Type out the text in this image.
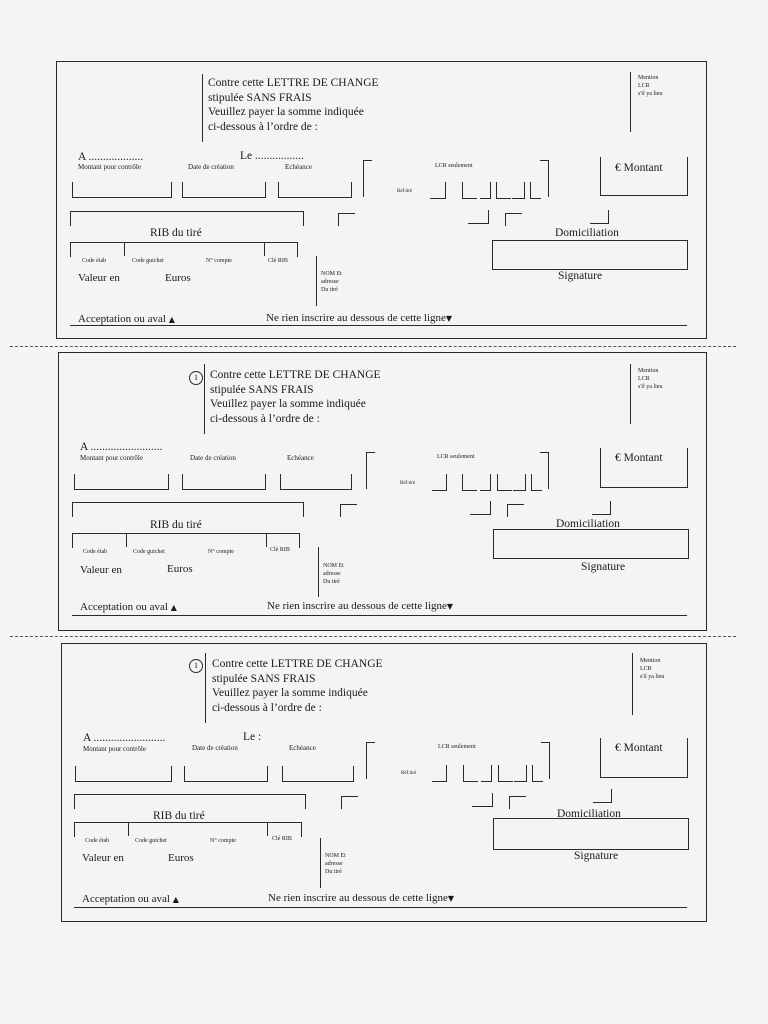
Contre cette LETTRE DE CHANGE
stipulée SANS FRAIS
Veuillez payer la somme indiquée
ci-dessous à l’ordre de :
Mention
LCR
s'il ya lieu
A ...................	Le .................
Montant pour contrôle	Date de création	Echéance	LCR seulement
Réf.tiré
€ Montant
RIB du tiré	Domiciliation
Code étab	Code guichet	N° compte	Clé RIB
Valeur en	Euros	NOM Et
adresse
Du tiré
Signature
Acceptation ou aval ▲	Ne rien inscrire au dessous de cette ligne▼
1	Contre cette LETTRE DE CHANGE
stipulée SANS FRAIS
Veuillez payer la somme indiquée
ci-dessous à l’ordre de :
Mention
LCR
s'il ya lieu
A .........................
Montant pour contrôle	Date de création	Echéance	LCR seulement
Réf.tiré
€ Montant
RIB du tiré	Domiciliation
Code étab	Code guichet	N° compte	Clé RIB
Valeur en	Euros	NOM Et
adresse
Du tiré
Signature
Acceptation ou aval ▲	Ne rien inscrire au dessous de cette ligne▼
1	Contre cette LETTRE DE CHANGE
stipulée SANS FRAIS
Veuillez payer la somme indiquée
ci-dessous à l’ordre de :
Mention
LCR
s'il ya lieu
A .........................	Le :
Montant pour contrôle	Date de création	Echéance	LCR seulement
Réf.tiré
€ Montant
RIB du tiré	Domiciliation
Code étab	Code guichet	N° compte	Clé RIB
Valeur en	Euros	NOM Et
adresse
Du tiré
Signature
Acceptation ou aval ▲	Ne rien inscrire au dessous de cette ligne▼
